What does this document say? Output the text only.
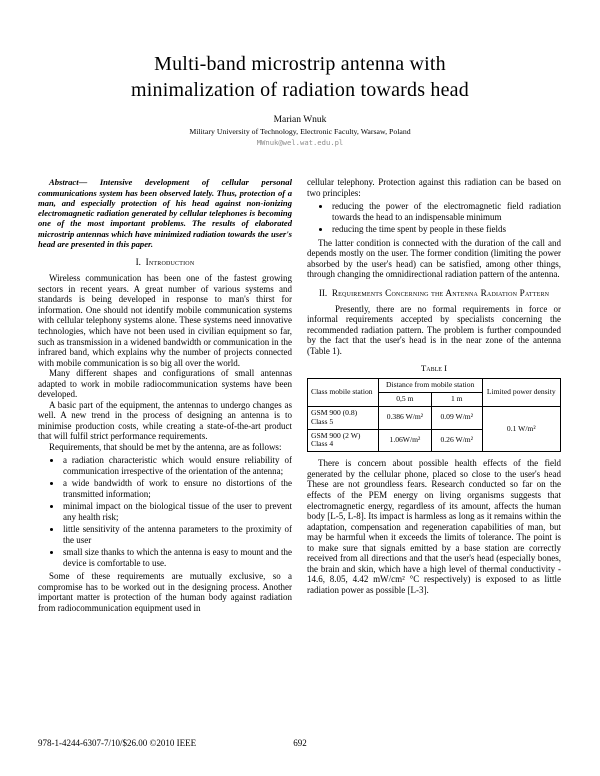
Multi-band microstrip antenna with
minimalization of radiation towards head
Marian Wnuk
Military University of Technology, Electronic Faculty, Warsaw, Poland
MWnuk@wel.wat.edu.pl

Abstract— Intensive development of cellular personal communications system has been observed lately. Thus, protection of a man, and especially protection of his head against non-ionizing electromagnetic radiation generated by cellular telephones is becoming one of the most important problems. The results of elaborated microstrip antennas which have minimized radiation towards the user's head are presented in this paper.

I. Introduction

Wireless communication has been one of the fastest growing sectors in recent years. A great number of various systems and standards is being developed in response to man's thirst for information. One should not identify mobile communication systems with cellular telephony systems alone. These systems need innovative technologies, which have not been used in civilian equipment so far, such as transmission in a widened bandwidth or communication in the infrared band, which explains why the number of projects connected with mobile communication is so big all over the world.

Many different shapes and configurations of small antennas adapted to work in mobile radiocommunication systems have been developed.

A basic part of the equipment, the antennas to undergo changes as well. A new trend in the process of designing an antenna is to minimise production costs, while creating a state-of-the-art product that will fulfil strict performance requirements.

Requirements, that should be met by the antenna, are as follows:

• a radiation characteristic which would ensure reliability of communication irrespective of the orientation of the antenna;
• a wide bandwidth of work to ensure no distortions of the transmitted information;
• minimal impact on the biological tissue of the user to prevent any health risk;
• little sensitivity of the antenna parameters to the proximity of the user
• small size thanks to which the antenna is easy to mount and the device is comfortable to use.

Some of these requirements are mutually exclusive, so a compromise has to be worked out in the designing process. Another important matter is protection of the human body against radiation from radiocommunication equipment used in

cellular telephony. Protection against this radiation can be based on two principles:

• reducing the power of the electromagnetic field radiation towards the head to an indispensable minimum
• reducing the time spent by people in these fields

The latter condition is connected with the duration of the call and depends mostly on the user. The former condition (limiting the power absorbed by the user's head) can be satisfied, among other things, through changing the omnidirectional radiation pattern of the antenna.

II. Requirements Concerning the Antenna Radiation Pattern

Presently, there are no formal requirements in force or informal requirements accepted by specialists concerning the recommended radiation pattern. The problem is further compounded by the fact that the user's head is in the near zone of the antenna (Table 1).

Table I
Class mobile station	Distance from mobile station		Limited power density
	0,5 m	1 m	
GSM 900 (0.8) Class 5	0.386 W/m²	0.09 W/m²	0.1 W/m²
GSM 900 (2 W) Class 4	1.06W/m²	0.26 W/m²	

There is concern about possible health effects of the field generated by the cellular phone, placed so close to the user's head These are not groundless fears. Research conducted so far on the effects of the PEM energy on living organisms suggests that electromagnetic energy, regardless of its amount, affects the human body [L-5, L-8]. Its impact is harmless as long as it remains within the adaptation, compensation and regeneration capabilities of man, but may be harmful when it exceeds the limits of tolerance. The point is to make sure that signals emitted by a base station are correctly received from all directions and that the user's head (especially bones, the brain and skin, which have a high level of thermal conductivity - 14.6, 8.05, 4.42 mW/cm² °C respectively) is exposed to as little radiation power as possible [L-3].

978-1-4244-6307-7/10/$26.00 ©2010 IEEE	692
